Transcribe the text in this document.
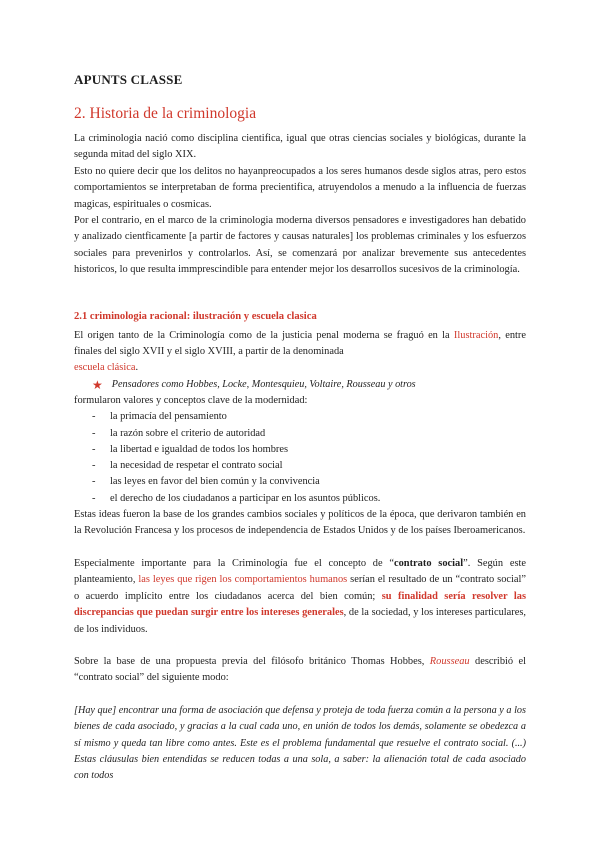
APUNTS CLASSE
2. Historia de la criminologia

La criminologia nació como disciplina cientifica, igual que otras ciencias sociales y biológicas, durante la segunda mitad del siglo XIX.

Esto no quiere decir que los delitos no hayanpreocupados a los seres humanos desde siglos atras, pero estos comportamientos se interpretaban de forma precientifica, atruyendolos a menudo a la influencia de fuerzas magicas, espirituales o cosmicas.

Por el contrario, en el marco de la criminologia moderna diversos pensadores e investigadores han debatido y analizado cientficamente [a partir de factores y causas naturales] los problemas criminales y los esfuerzos sociales para prevenirlos y controlarlos. Así, se comenzará por analizar brevemente sus antecedentes historicos, lo que resulta immprescindible para entender mejor los desarrollos sucesivos de la criminología.

2.1 criminologia racional: ilustración y escuela clasica

El origen tanto de la Criminología como de la justicia penal moderna se fraguó en la Ilustración, entre finales del siglo XVII y el siglo XVIII, a partir de la denominada
escuela clásica.

★ Pensadores como Hobbes, Locke, Montesquieu, Voltaire, Rousseau y otros

formularon valores y conceptos clave de la modernidad:

-	la primacía del pensamiento
-	la razón sobre el criterio de autoridad
-	la libertad e igualdad de todos los hombres
-	la necesidad de respetar el contrato social
-	las leyes en favor del bien común y la convivencia
-	el derecho de los ciudadanos a participar en los asuntos públicos.

Estas ideas fueron la base de los grandes cambios sociales y políticos de la época, que derivaron también en la Revolución Francesa y los procesos de independencia de Estados Unidos y de los países Iberoamericanos.

Especialmente importante para la Criminología fue el concepto de “contrato social”. Según este planteamiento, las leyes que rigen los comportamientos humanos serían el resultado de un “contrato social” o acuerdo implícito entre los ciudadanos acerca del bien común; su finalidad sería resolver las discrepancias que puedan surgir entre los intereses generales, de la sociedad, y los intereses particulares, de los individuos.

Sobre la base de una propuesta previa del filósofo británico Thomas Hobbes, Rousseau describió el “contrato social” del siguiente modo:

[Hay que] encontrar una forma de asociación que defensa y proteja de toda fuerza común a la persona y a los bienes de cada asociado, y gracias a la cual cada uno, en unión de todos los demás, solamente se obedezca a sí mismo y queda tan libre como antes. Este es el problema fundamental que resuelve el contrato social. (...) Estas cláusulas bien entendidas se reducen todas a una sola, a saber: la alienación total de cada asociado con todos
